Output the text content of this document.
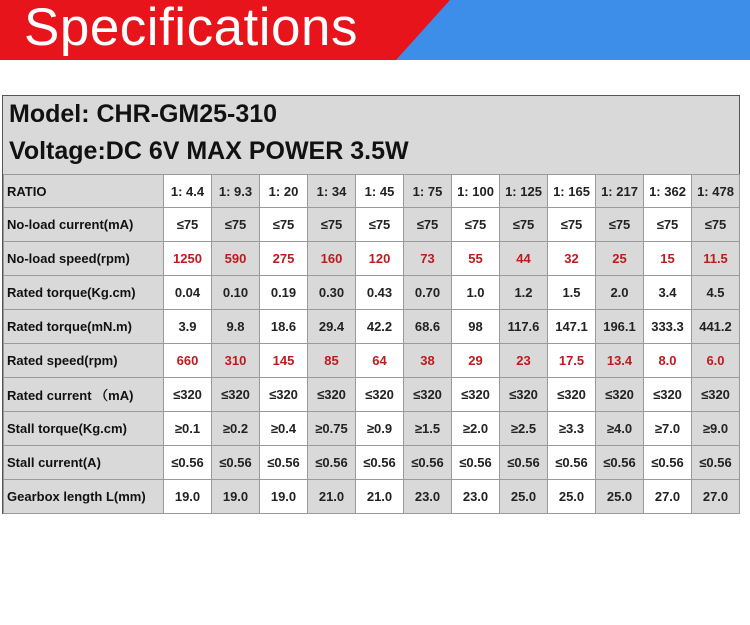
Specifications
Model: CHR-GM25-310
Voltage:DC 6V MAX POWER 3.5W
RATIO	1: 4.4	1: 9.3	1: 20	1: 34	1: 45	1: 75	1: 100	1: 125	1: 165	1: 217	1: 362	1: 478
No-load current(mA)	≤75	≤75	≤75	≤75	≤75	≤75	≤75	≤75	≤75	≤75	≤75	≤75
No-load speed(rpm)	1250	590	275	160	120	73	55	44	32	25	15	11.5
Rated torque(Kg.cm)	0.04	0.10	0.19	0.30	0.43	0.70	1.0	1.2	1.5	2.0	3.4	4.5
Rated torque(mN.m)	3.9	9.8	18.6	29.4	42.2	68.6	98	117.6	147.1	196.1	333.3	441.2
Rated speed(rpm)	660	310	145	85	64	38	29	23	17.5	13.4	8.0	6.0
Rated current （mA)	≤320	≤320	≤320	≤320	≤320	≤320	≤320	≤320	≤320	≤320	≤320	≤320
Stall torque(Kg.cm)	≥0.1	≥0.2	≥0.4	≥0.75	≥0.9	≥1.5	≥2.0	≥2.5	≥3.3	≥4.0	≥7.0	≥9.0
Stall current(A)	≤0.56	≤0.56	≤0.56	≤0.56	≤0.56	≤0.56	≤0.56	≤0.56	≤0.56	≤0.56	≤0.56	≤0.56
Gearbox length L(mm)	19.0	19.0	19.0	21.0	21.0	23.0	23.0	25.0	25.0	25.0	27.0	27.0
